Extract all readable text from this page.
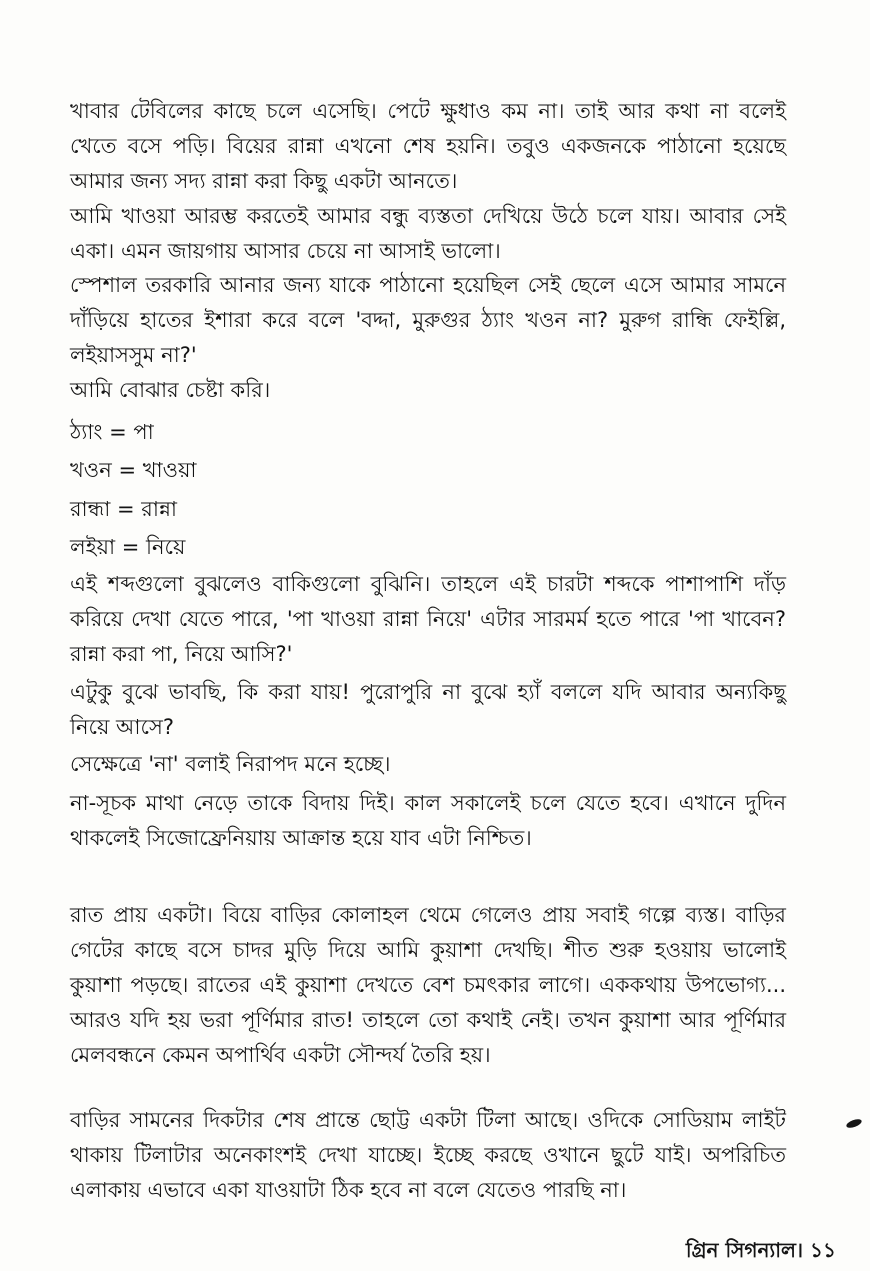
খাবার টেবিলের কাছে চলে এসেছি। পেটে ক্ষুধাও কম না। তাই আর কথা না বলেই খেতে বসে পড়ি। বিয়ের রান্না এখনো শেষ হয়নি। তবুও একজনকে পাঠানো হয়েছে আমার জন্য সদ্য রান্না করা কিছু একটা আনতে।

আমি খাওয়া আরম্ভ করতেই আমার বন্ধু ব্যস্ততা দেখিয়ে উঠে চলে যায়। আবার সেই একা। এমন জায়গায় আসার চেয়ে না আসাই ভালো।

স্পেশাল তরকারি আনার জন্য যাকে পাঠানো হয়েছিল সেই ছেলে এসে আমার সামনে দাঁড়িয়ে হাতের ইশারা করে বলে 'বদ্দা, মুরুগুর ঠ্যাং খওন না? মুরুগ রান্ধি ফেইল্লি, লইয়াসসুম না?'

আমি বোঝার চেষ্টা করি।

ঠ্যাং = পা

খওন = খাওয়া

রান্ধা = রান্না

লইয়া = নিয়ে

এই শব্দগুলো বুঝলেও বাকিগুলো বুঝিনি। তাহলে এই চারটা শব্দকে পাশাপাশি দাঁড় করিয়ে দেখা যেতে পারে, 'পা খাওয়া রান্না নিয়ে' এটার সারমর্ম হতে পারে 'পা খাবেন? রান্না করা পা, নিয়ে আসি?'

এটুকু বুঝে ভাবছি, কি করা যায়! পুরোপুরি না বুঝে হ্যাঁ বললে যদি আবার অন্যকিছু নিয়ে আসে?

সেক্ষেত্রে 'না' বলাই নিরাপদ মনে হচ্ছে।

না-সূচক মাথা নেড়ে তাকে বিদায় দিই। কাল সকালেই চলে যেতে হবে। এখানে দুদিন থাকলেই সিজোফ্রেনিয়ায় আক্রান্ত হয়ে যাব এটা নিশ্চিত।

রাত প্রায় একটা। বিয়ে বাড়ির কোলাহল থেমে গেলেও প্রায় সবাই গল্পে ব্যস্ত। বাড়ির গেটের কাছে বসে চাদর মুড়ি দিয়ে আমি কুয়াশা দেখছি। শীত শুরু হওয়ায় ভালোই কুয়াশা পড়ছে। রাতের এই কুয়াশা দেখতে বেশ চমৎকার লাগে। এককথায় উপভোগ্য... আরও যদি হয় ভরা পূর্ণিমার রাত! তাহলে তো কথাই নেই। তখন কুয়াশা আর পূর্ণিমার মেলবন্ধনে কেমন অপার্থিব একটা সৌন্দর্য তৈরি হয়।

বাড়ির সামনের দিকটার শেষ প্রান্তে ছোট্ট একটা টিলা আছে। ওদিকে সোডিয়াম লাইট থাকায় টিলাটার অনেকাংশই দেখা যাচ্ছে। ইচ্ছে করছে ওখানে ছুটে যাই। অপরিচিত এলাকায় এভাবে একা যাওয়াটা ঠিক হবে না বলে যেতেও পারছি না।

গ্রিন সিগন্যাল। ১১
